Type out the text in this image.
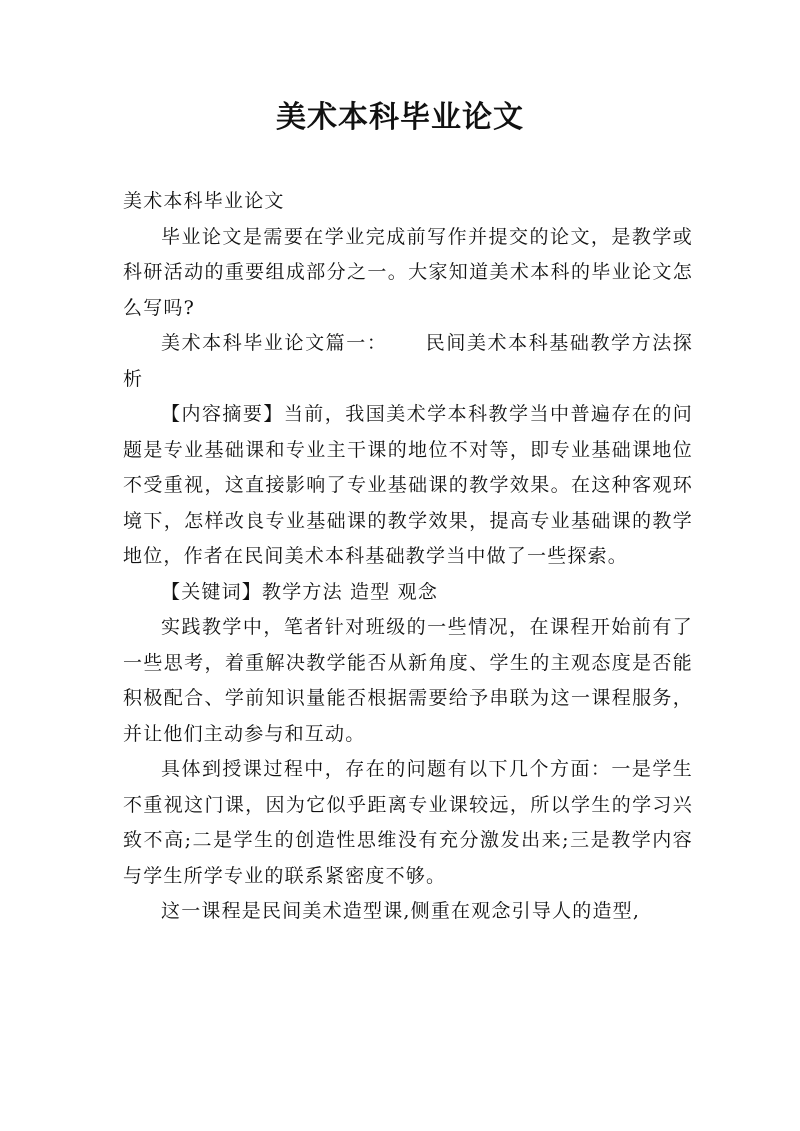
美术本科毕业论文

美术本科毕业论文

毕业论文是需要在学业完成前写作并提交的论文，是教学或科研活动的重要组成部分之一。大家知道美术本科的毕业论文怎么写吗?

美术本科毕业论文篇一： 民间美术本科基础教学方法探析

【内容摘要】当前，我国美术学本科教学当中普遍存在的问题是专业基础课和专业主干课的地位不对等，即专业基础课地位不受重视，这直接影响了专业基础课的教学效果。在这种客观环境下，怎样改良专业基础课的教学效果，提高专业基础课的教学地位，作者在民间美术本科基础教学当中做了一些探索。

【关键词】教学方法 造型 观念

实践教学中，笔者针对班级的一些情况，在课程开始前有了一些思考，着重解决教学能否从新角度、学生的主观态度是否能积极配合、学前知识量能否根据需要给予串联为这一课程服务，并让他们主动参与和互动。

具体到授课过程中，存在的问题有以下几个方面：一是学生不重视这门课，因为它似乎距离专业课较远，所以学生的学习兴致不高;二是学生的创造性思维没有充分激发出来;三是教学内容与学生所学专业的联系紧密度不够。

这一课程是民间美术造型课,侧重在观念引导人的造型,
